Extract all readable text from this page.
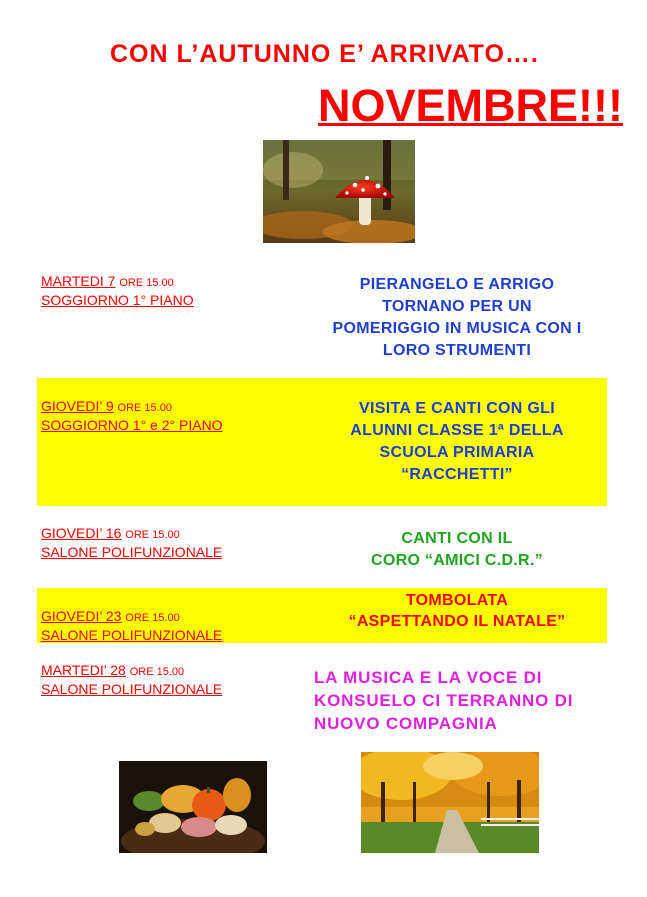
CON L’AUTUNNO E’ ARRIVATO….
NOVEMBRE!!!
MARTEDI 7 ORE 15.00
SOGGIORNO 1° PIANO
PIERANGELO E ARRIGO
TORNANO PER UN
POMERIGGIO IN MUSICA CON I
LORO STRUMENTI
GIOVEDI’ 9 ORE 15.00
SOGGIORNO 1° e 2° PIANO
VISITA E CANTI CON GLI
ALUNNI CLASSE 1ª DELLA
SCUOLA PRIMARIA
“RACCHETTI”
GIOVEDI’ 16 ORE 15.00
SALONE POLIFUNZIONALE
CANTI CON IL
CORO “AMICI C.D.R.”
GIOVEDI’ 23 ORE 15.00
SALONE POLIFUNZIONALE
TOMBOLATA
“ASPETTANDO IL NATALE”
MARTEDI’ 28 ORE 15.00
SALONE POLIFUNZIONALE
LA MUSICA E LA VOCE DI
KONSUELO CI TERRANNO DI
NUOVO COMPAGNIA
